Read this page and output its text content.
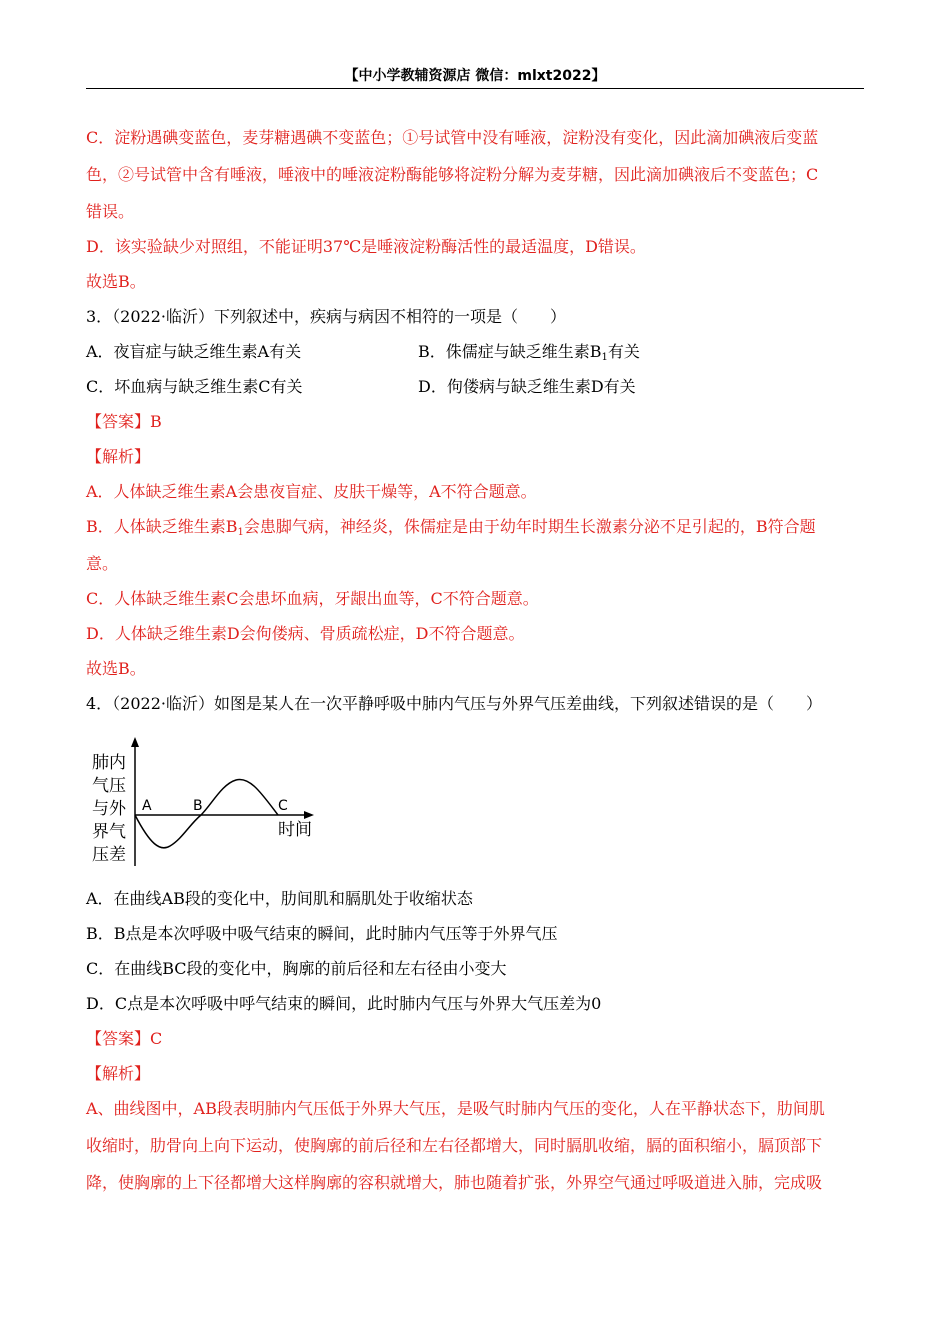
【中小学教辅资源店 微信：mlxt2022】
C．淀粉遇碘变蓝色，麦芽糖遇碘不变蓝色；①号试管中没有唾液，淀粉没有变化，因此滴加碘液后变蓝
色，②号试管中含有唾液，唾液中的唾液淀粉酶能够将淀粉分解为麦芽糖，因此滴加碘液后不变蓝色；C
错误。
D．该实验缺少对照组，不能证明37℃是唾液淀粉酶活性的最适温度，D错误。
故选B。
3．（2022·临沂）下列叙述中，疾病与病因不相符的一项是（　　）
A．夜盲症与缺乏维生素A有关	B．侏儒症与缺乏维生素$B_1$有关
C．坏血病与缺乏维生素C有关	D．佝偻病与缺乏维生素D有关
【答案】B
【解析】
A．人体缺乏维生素A会患夜盲症、皮肤干燥等，A不符合题意。
B．人体缺乏维生素$B_1$会患脚气病，神经炎，侏儒症是由于幼年时期生长激素分泌不足引起的，B符合题
意。
C．人体缺乏维生素C会患坏血病，牙龈出血等，C不符合题意。
D．人体缺乏维生素D会佝偻病、骨质疏松症，D不符合题意。
故选B。
4．（2022·临沂）如图是某人在一次平静呼吸中肺内气压与外界气压差曲线，下列叙述错误的是（　　）
肺内
气压
与外
界气
压差
A	B	C
时间
A．在曲线AB段的变化中，肋间肌和膈肌处于收缩状态
B．B点是本次呼吸中吸气结束的瞬间，此时肺内气压等于外界气压
C．在曲线BC段的变化中，胸廓的前后径和左右径由小变大
D．C点是本次呼吸中呼气结束的瞬间，此时肺内气压与外界大气压差为0
【答案】C
【解析】
A、曲线图中，AB段表明肺内气压低于外界大气压，是吸气时肺内气压的变化，人在平静状态下，肋间肌
收缩时，肋骨向上向下运动，使胸廓的前后径和左右径都增大，同时膈肌收缩，膈的面积缩小，膈顶部下
降，使胸廓的上下径都增大这样胸廓的容积就增大，肺也随着扩张，外界空气通过呼吸道进入肺，完成吸
